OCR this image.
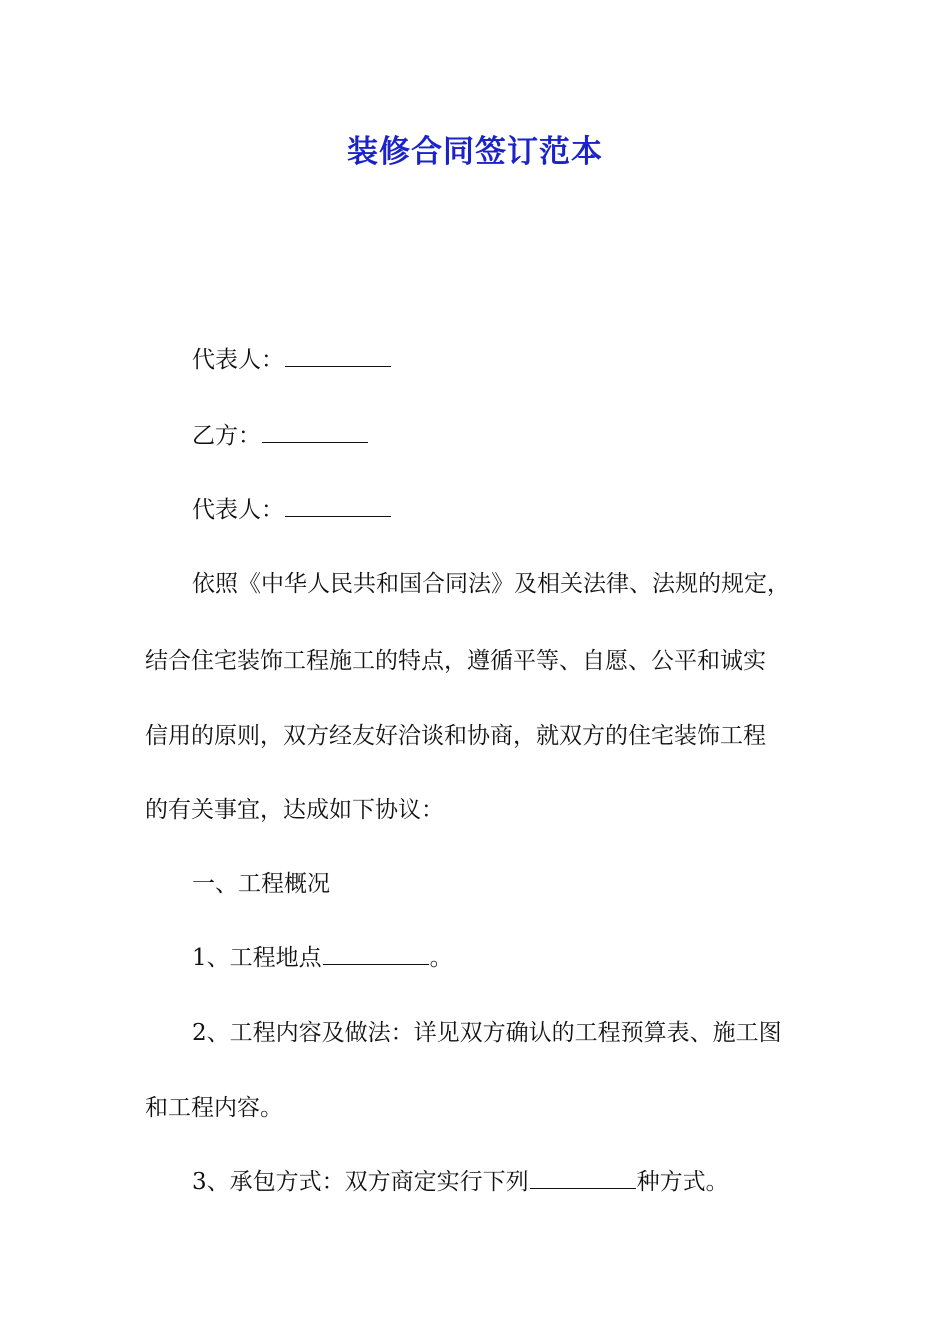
装修合同签订范本
代表人：
乙方：
代表人：
依照《中华人民共和国合同法》及相关法律、法规的规定，
结合住宅装饰工程施工的特点，遵循平等、自愿、公平和诚实
信用的原则，双方经友好洽谈和协商，就双方的住宅装饰工程
的有关事宜，达成如下协议：
一、工程概况
1、工程地点	。
2、工程内容及做法：详见双方确认的工程预算表、施工图
和工程内容。
3、承包方式：双方商定实行下列	种方式。
